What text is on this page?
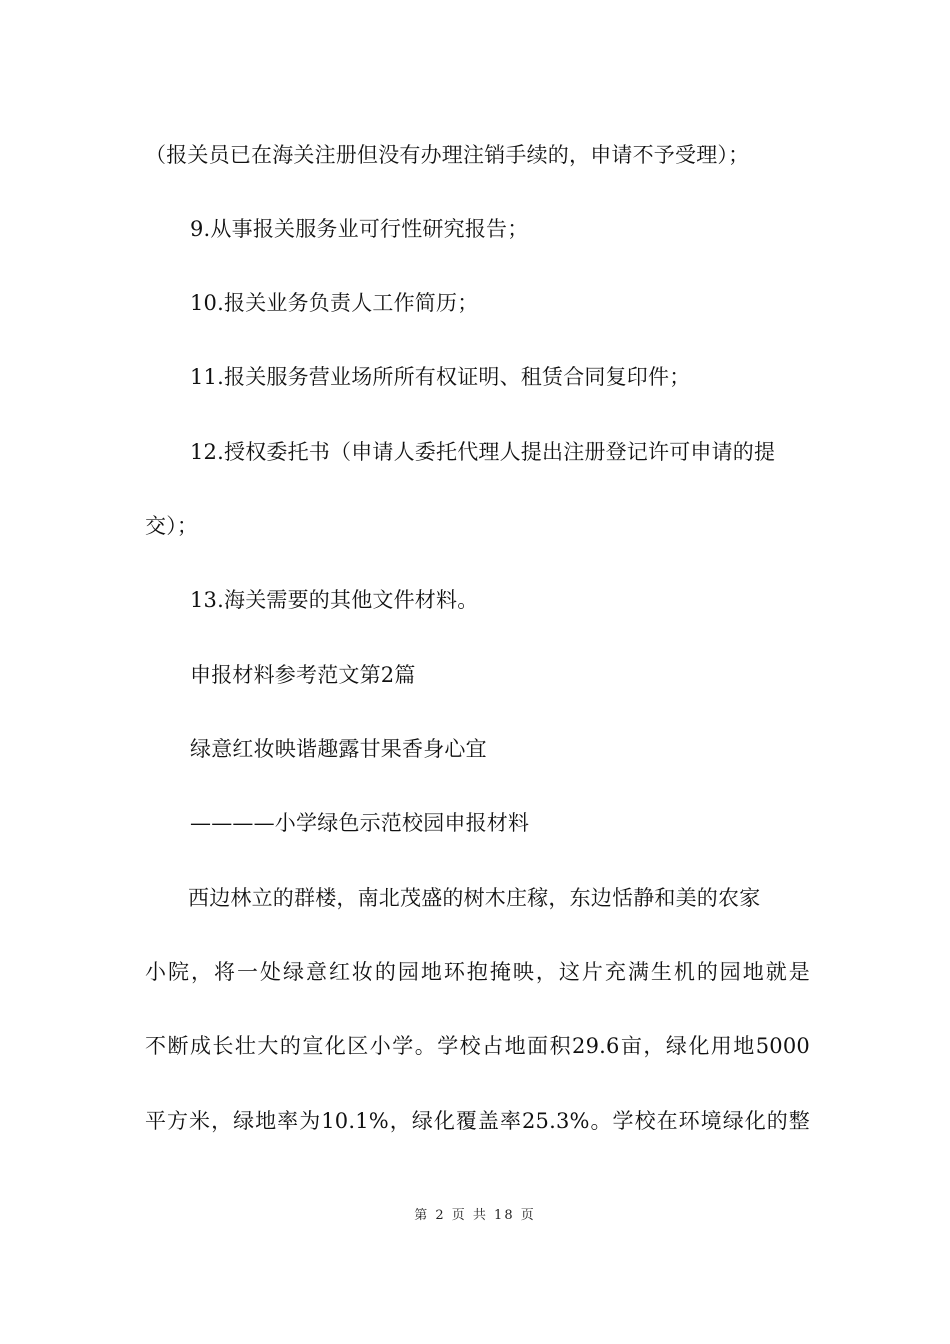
（报关员已在海关注册但没有办理注销手续的，申请不予受理）；
9.从事报关服务业可行性研究报告；
10.报关业务负责人工作简历；
11.报关服务营业场所所有权证明、租赁合同复印件；
12.授权委托书（申请人委托代理人提出注册登记许可申请的提
交）；
13.海关需要的其他文件材料。
申报材料参考范文第2篇
绿意红妆映谐趣露甘果香身心宜
————小学绿色示范校园申报材料
西边林立的群楼，南北茂盛的树木庄稼，东边恬静和美的农家
小院，将一处绿意红妆的园地环抱掩映，这片充满生机的园地就是
不断成长壮大的宣化区小学。学校占地面积29.6亩，绿化用地5000
平方米，绿地率为10.1%，绿化覆盖率25.3%。学校在环境绿化的整
第 2 页 共 18 页
